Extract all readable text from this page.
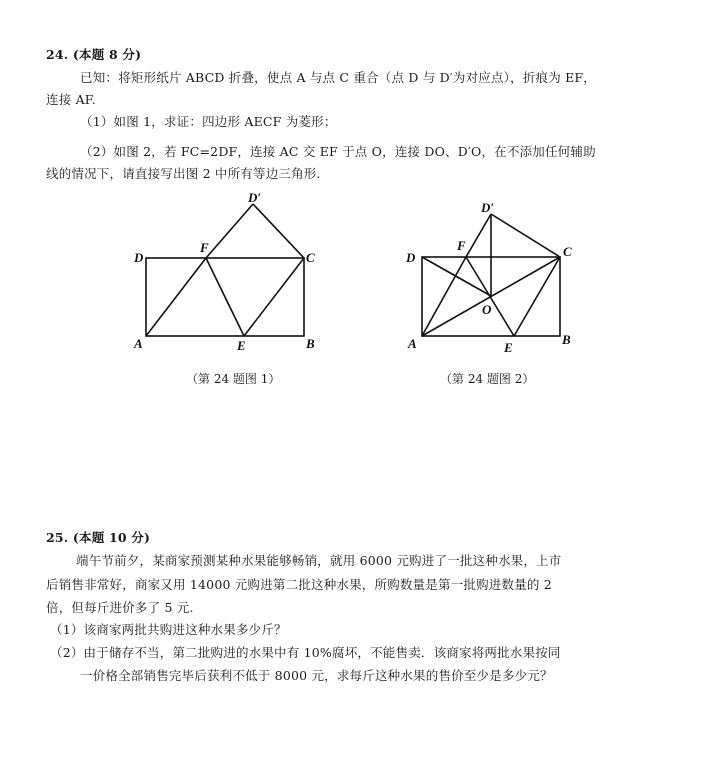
24. (本题 8 分)
已知：将矩形纸片 ABCD 折叠，使点 A 与点 C 重合（点 D 与 D′为对应点），折痕为 EF，
连接 AF.
（1）如图 1，求证：四边形 AECF 为菱形；
（2）如图 2，若 FC=2DF，连接 AC 交 EF 于点 O，连接 DO、D′O，在不添加任何辅助
线的情况下，请直接写出图 2 中所有等边三角形.
D
F
C
D′
A	E	B
（第 24 题图 1）
D
F	C
D′
O
A	E
B
（第 24 题图 2）
25. (本题 10 分)
端午节前夕，某商家预测某种水果能够畅销，就用 6000 元购进了一批这种水果，上市
后销售非常好，商家又用 14000 元购进第二批这种水果，所购数量是第一批购进数量的 2
倍，但每斤进价多了 5 元.
（1）该商家两批共购进这种水果多少斤？
（2）由于储存不当，第二批购进的水果中有 10%腐坏，不能售卖．该商家将两批水果按同
一价格全部销售完毕后获利不低于 8000 元，求每斤这种水果的售价至少是多少元？
